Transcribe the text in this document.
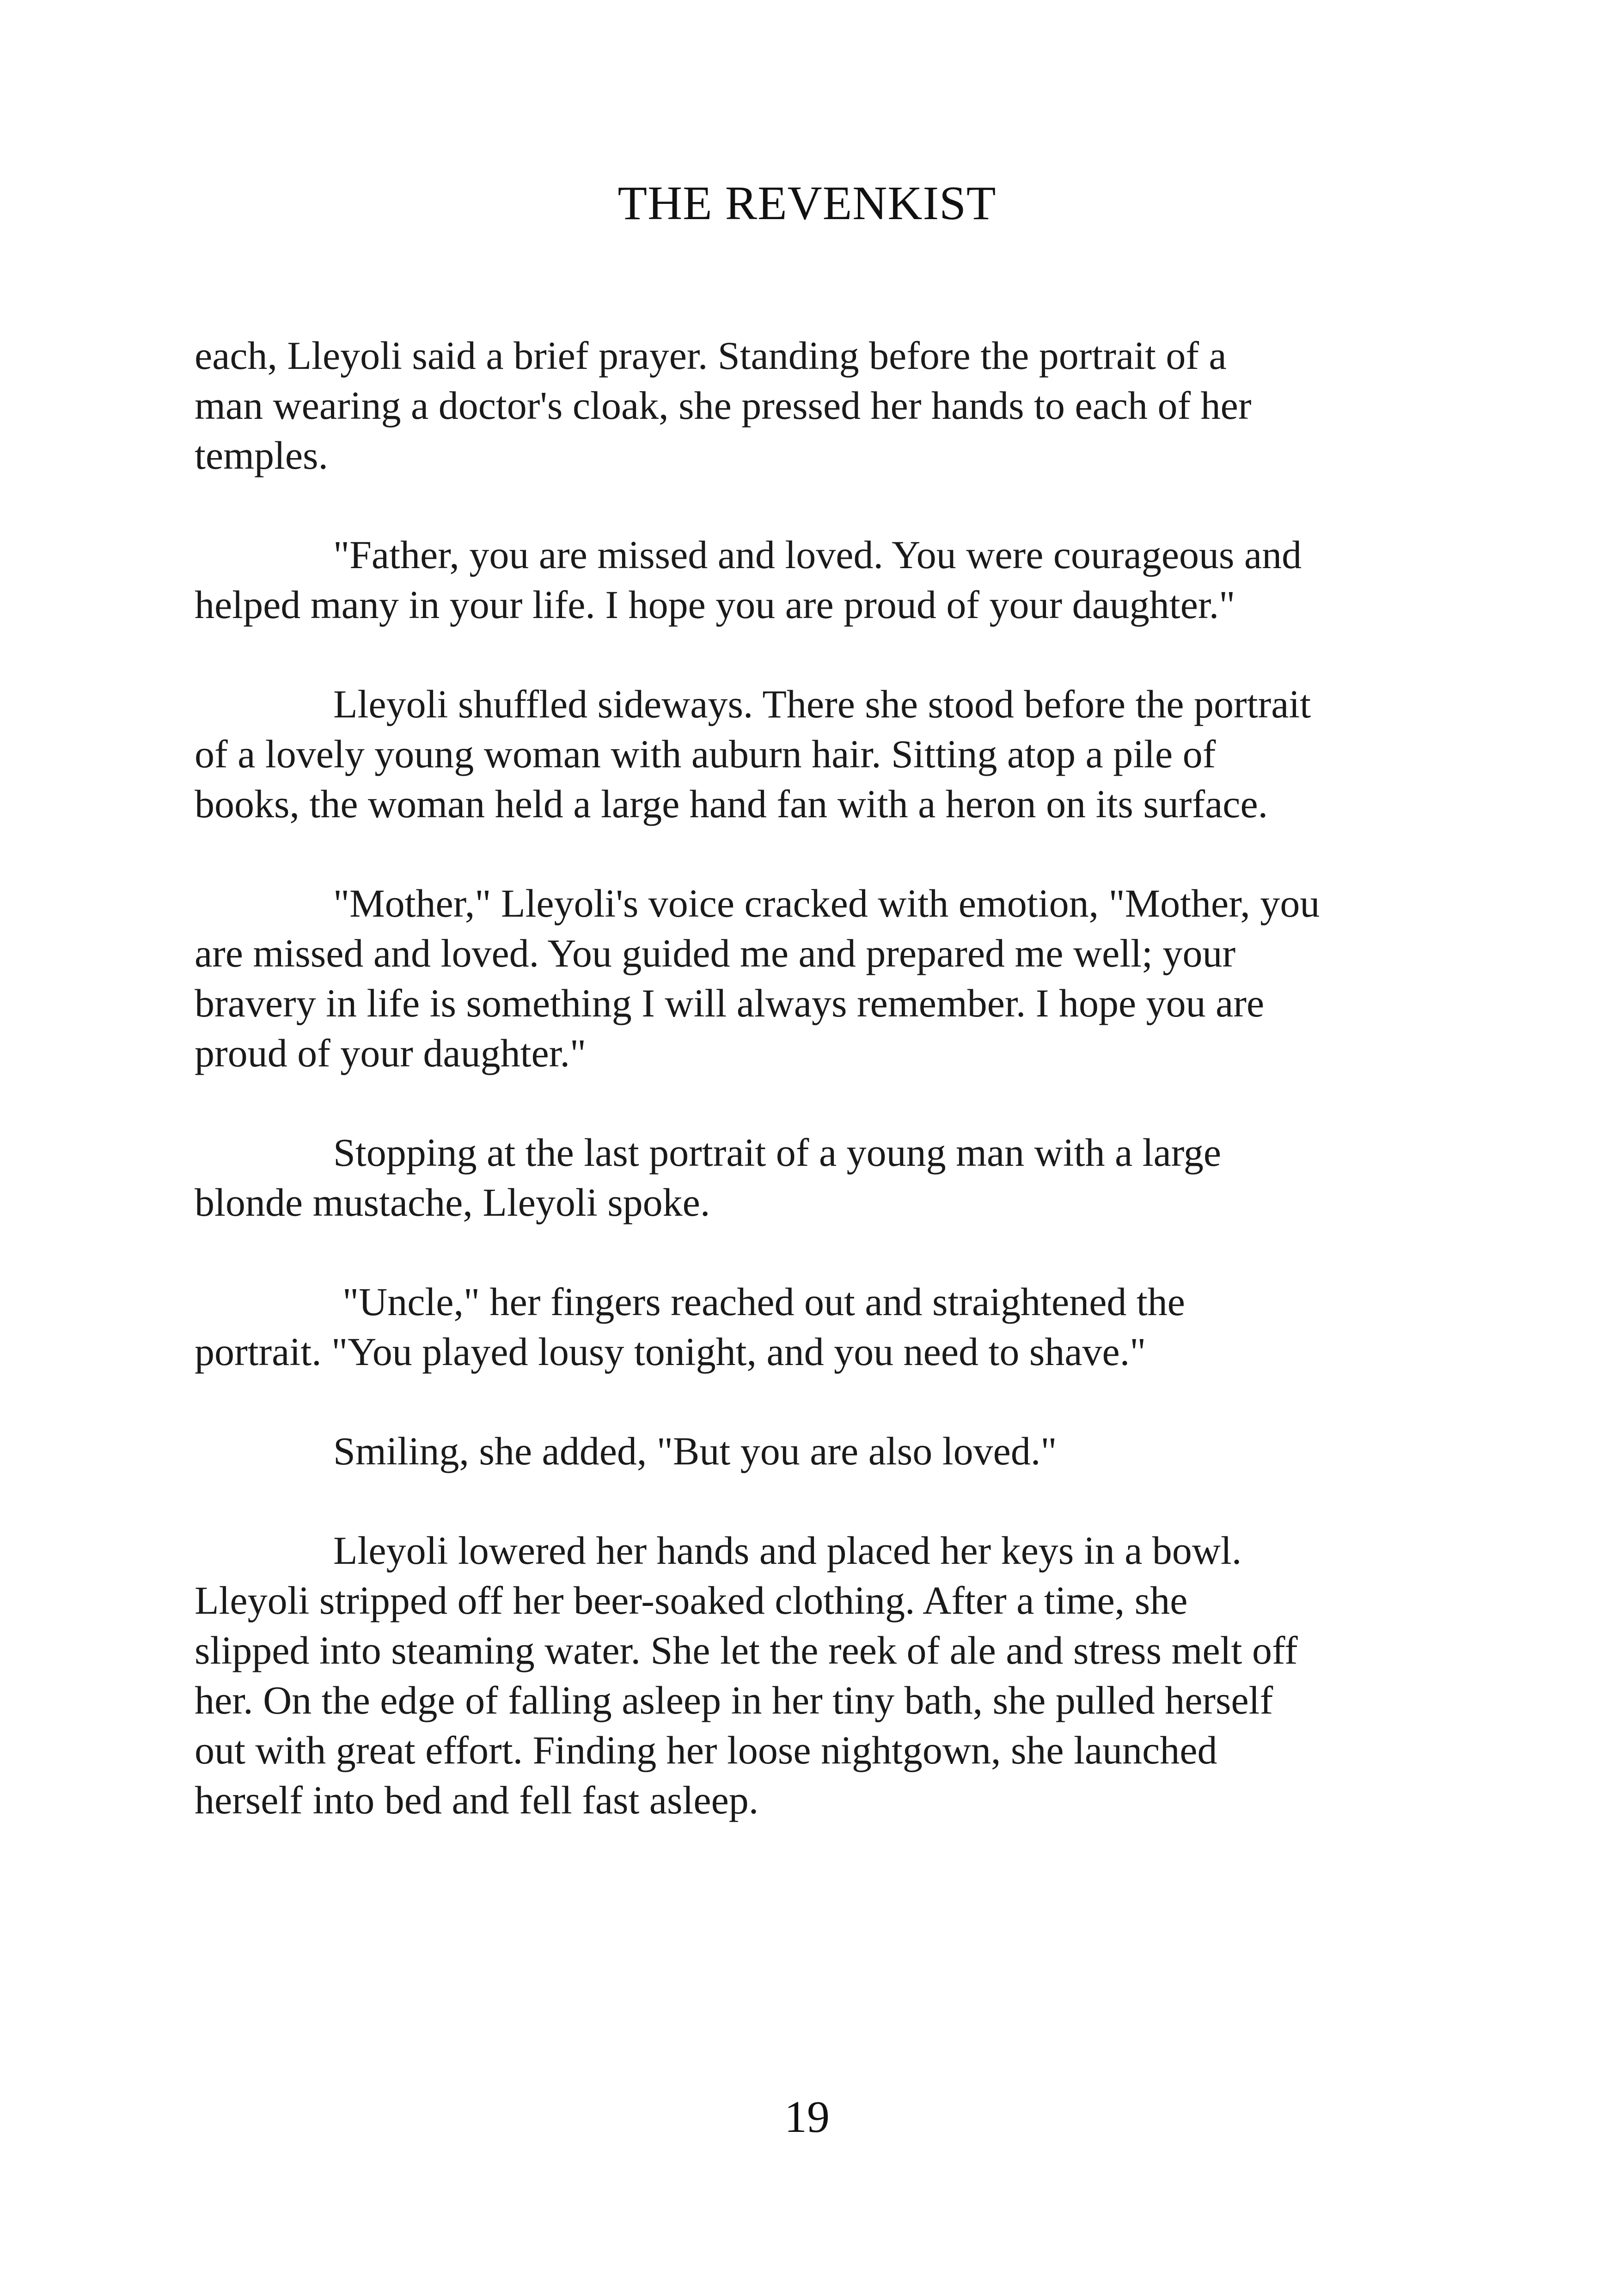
THE REVENKIST

each, Lleyoli said a brief prayer. Standing before the portrait of a
man wearing a doctor's cloak, she pressed her hands to each of her
temples.

"Father, you are missed and loved. You were courageous and
helped many in your life. I hope you are proud of your daughter."

Lleyoli shuffled sideways. There she stood before the portrait
of a lovely young woman with auburn hair. Sitting atop a pile of
books, the woman held a large hand fan with a heron on its surface.

"Mother," Lleyoli's voice cracked with emotion, "Mother, you
are missed and loved. You guided me and prepared me well; your
bravery in life is something I will always remember. I hope you are
proud of your daughter."

Stopping at the last portrait of a young man with a large
blonde mustache, Lleyoli spoke.

"Uncle," her fingers reached out and straightened the
portrait. "You played lousy tonight, and you need to shave."

Smiling, she added, "But you are also loved."

Lleyoli lowered her hands and placed her keys in a bowl.
Lleyoli stripped off her beer-soaked clothing. After a time, she
slipped into steaming water. She let the reek of ale and stress melt off
her. On the edge of falling asleep in her tiny bath, she pulled herself
out with great effort. Finding her loose nightgown, she launched
herself into bed and fell fast asleep.

19
